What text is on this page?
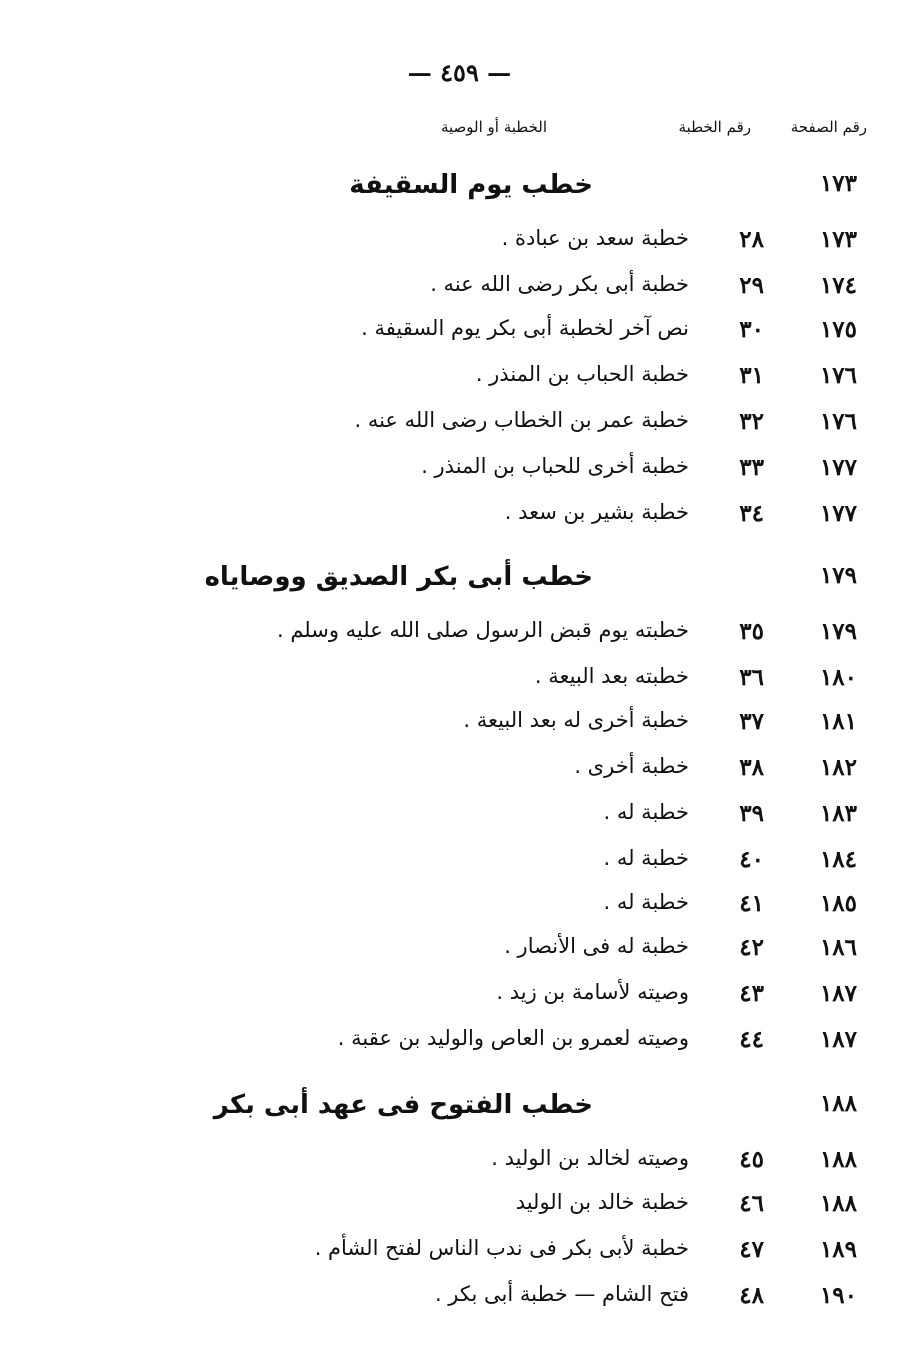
— ٤٥٩ —
رقم الصفحة
رقم الخطبة
الخطبة أو الوصية
١٧٣
خطب يوم السقيفة
١٧٣
٢٨
خطبة سعد بن عبادة .
١٧٤
٢٩
خطبة أبى بكر رضى الله عنه .
١٧٥
٣٠
نص آخر لخطبة أبى بكر يوم السقيفة .
١٧٦
٣١
خطبة الحباب بن المنذر .
١٧٦
٣٢
خطبة عمر بن الخطاب رضى الله عنه .
١٧٧
٣٣
خطبة أخرى للحباب بن المنذر .
١٧٧
٣٤
خطبة بشير بن سعد .
١٧٩
خطب أبى بكر الصديق ووصاياه
١٧٩
٣٥
خطبته يوم قبض الرسول صلى الله عليه وسلم .
١٨٠
٣٦
خطبته بعد البيعة .
١٨١
٣٧
خطبة أخرى له بعد البيعة .
١٨٢
٣٨
خطبة أخرى .
١٨٣
٣٩
خطبة له .
١٨٤
٤٠
خطبة له .
١٨٥
٤١
خطبة له .
١٨٦
٤٢
خطبة له فى الأنصار .
١٨٧
٤٣
وصيته لأسامة بن زيد .
١٨٧
٤٤
وصيته لعمرو بن العاص والوليد بن عقبة .
١٨٨
خطب الفتوح فى عهد أبى بكر
١٨٨
٤٥
وصيته لخالد بن الوليد .
١٨٨
٤٦
خطبة خالد بن الوليد
١٨٩
٤٧
خطبة لأبى بكر فى ندب الناس لفتح الشأم .
١٩٠
٤٨
فتح الشام — خطبة أبى بكر .
